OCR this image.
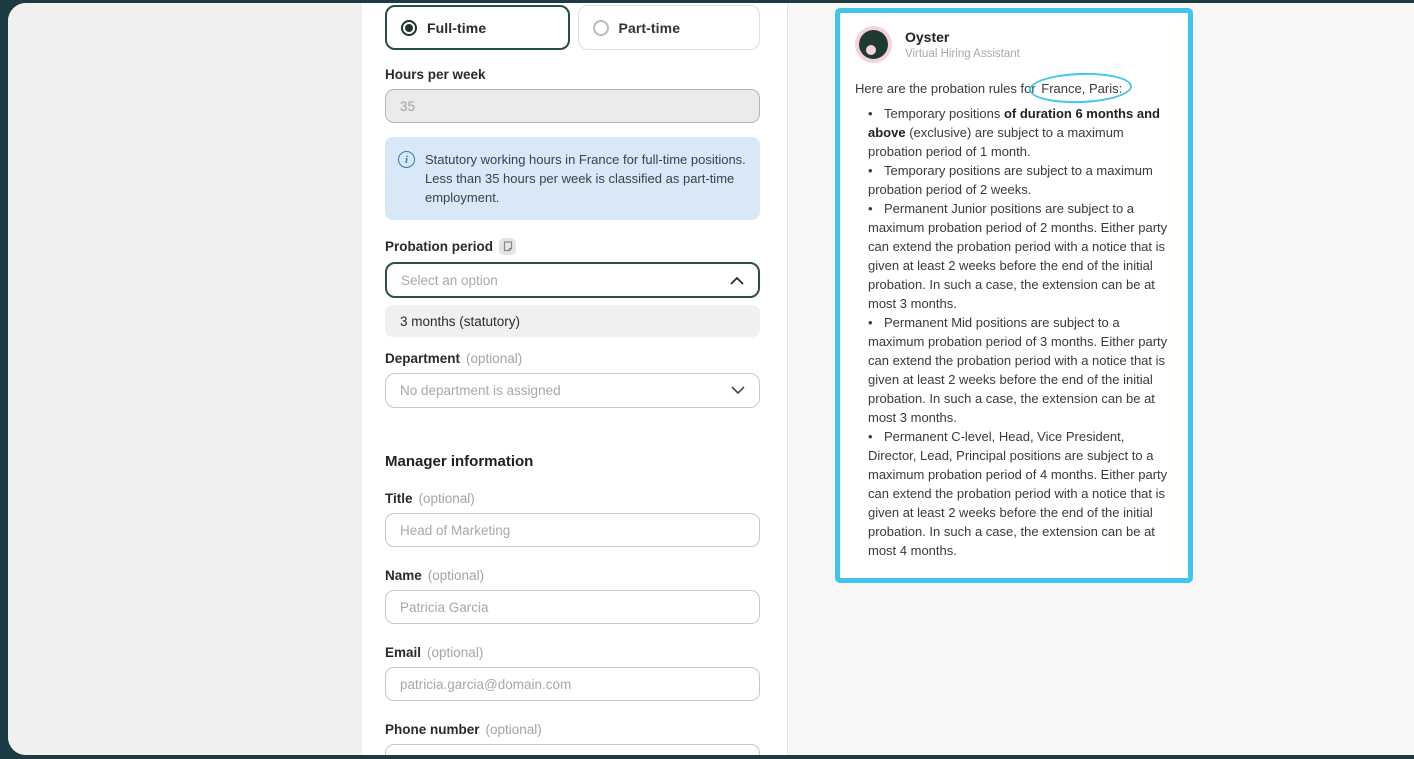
Full-time	Part-time
Hours per week
35
i	Statutory working hours in France for full-time positions. Less than 35 hours per week is classified as part-time employment.
Probation period
Select an option
3 months (statutory)
Department (optional)
No department is assigned
Manager information
Title (optional)
Head of Marketing
Name (optional)
Patricia Garcia
Email (optional)
patricia.garcia@domain.com
Phone number (optional)
+1234567890
Oyster
Virtual Hiring Assistant
Here are the probation rules for France, Paris:
• Temporary positions of duration 6 months and above (exclusive) are subject to a maximum probation period of 1 month.
• Temporary positions are subject to a maximum probation period of 2 weeks.
• Permanent Junior positions are subject to a maximum probation period of 2 months. Either party can extend the probation period with a notice that is given at least 2 weeks before the end of the initial probation. In such a case, the extension can be at most 3 months.
• Permanent Mid positions are subject to a maximum probation period of 3 months. Either party can extend the probation period with a notice that is given at least 2 weeks before the end of the initial probation. In such a case, the extension can be at most 3 months.
• Permanent C-level, Head, Vice President, Director, Lead, Principal positions are subject to a maximum probation period of 4 months. Either party can extend the probation period with a notice that is given at least 2 weeks before the end of the initial probation. In such a case, the extension can be at most 4 months.
